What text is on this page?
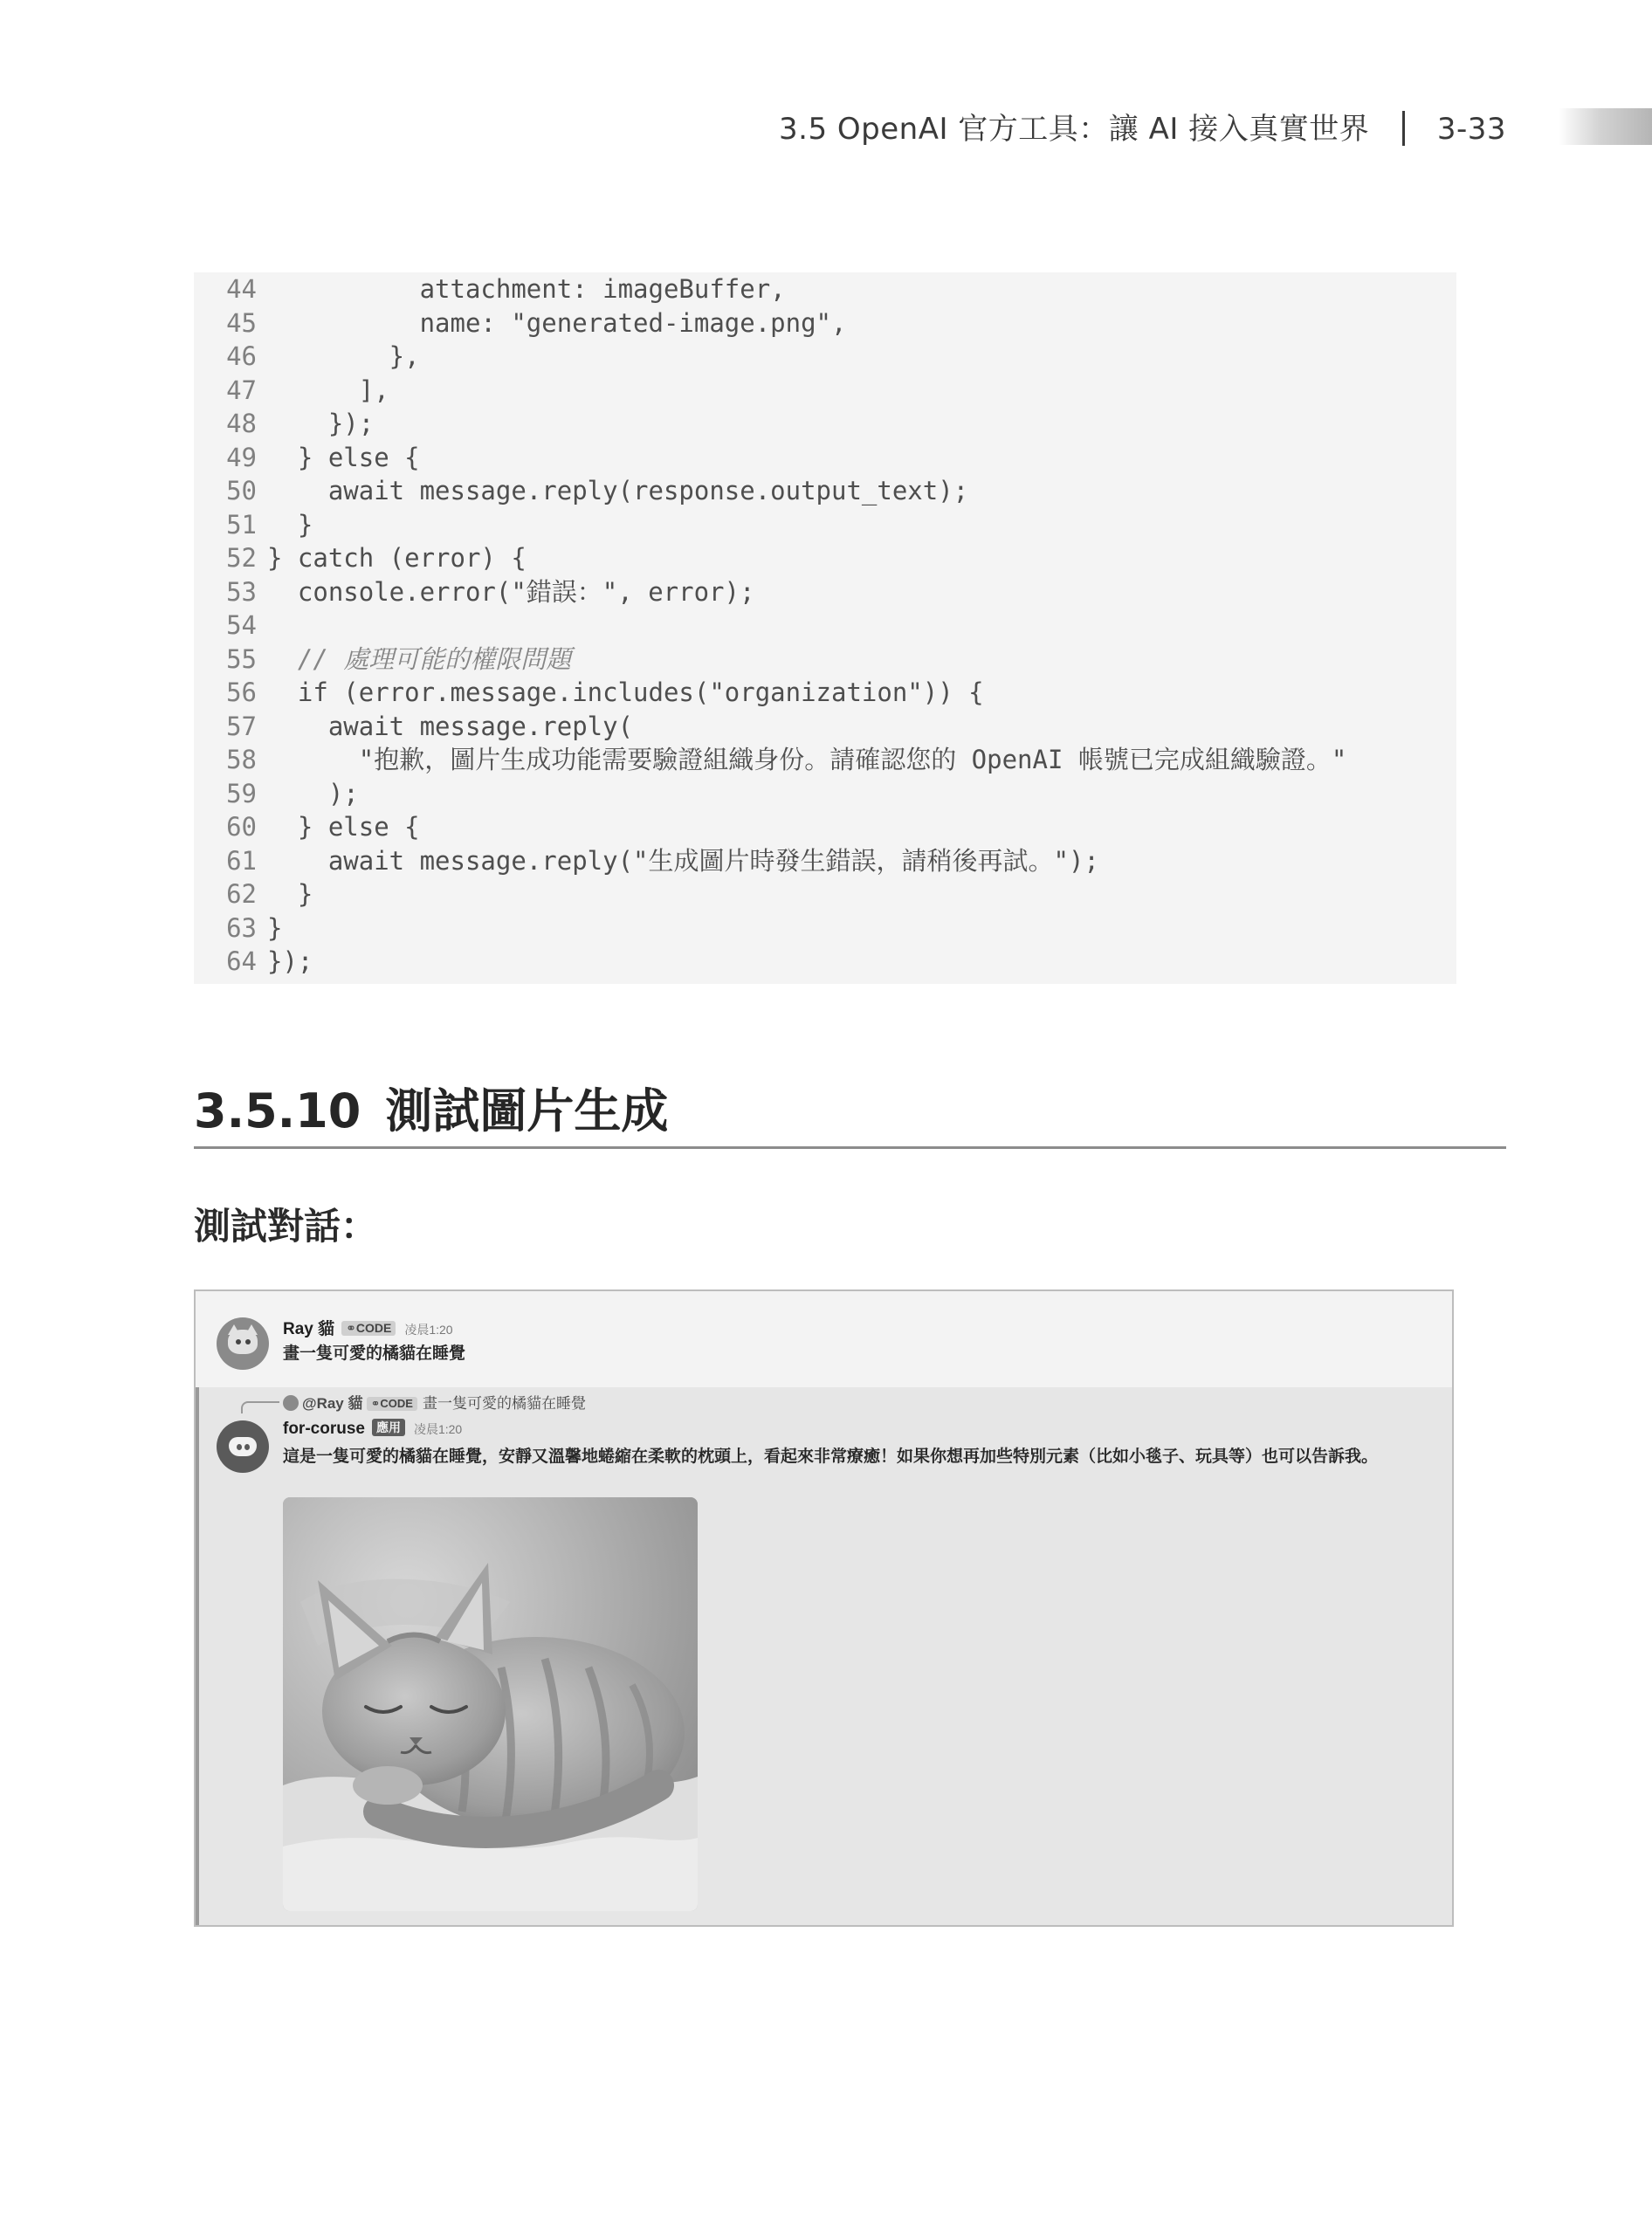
3.5 OpenAI 官方工具：讓 AI 接入真實世界 3-33
44          attachment: imageBuffer,
45          name: "generated-image.png",
46        },
47      ],
48    });
49  } else {
50    await message.reply(response.output_text);
51  }
52 } catch (error) {
53  console.error("錯誤：", error);
54
55  // 處理可能的權限問題
56  if (error.message.includes("organization")) {
57    await message.reply(
58      "抱歉，圖片生成功能需要驗證組織身份。請確認您的 OpenAI 帳號已完成組織驗證。"
59    );
60  } else {
61    await message.reply("生成圖片時發生錯誤，請稍後再試。");
62  }
63 }
64 });
3.5.10 測試圖片生成
測試對話：
Ray 貓 ⚭CODE 凌晨1:20
畫一隻可愛的橘貓在睡覺
@Ray 貓 ⚭CODE 畫一隻可愛的橘貓在睡覺
for-coruse 應用 凌晨1:20
這是一隻可愛的橘貓在睡覺，安靜又溫馨地蜷縮在柔軟的枕頭上，看起來非常療癒！如果你想再加些特別元素（比如小毯子、玩具等）也可以告訴我。
